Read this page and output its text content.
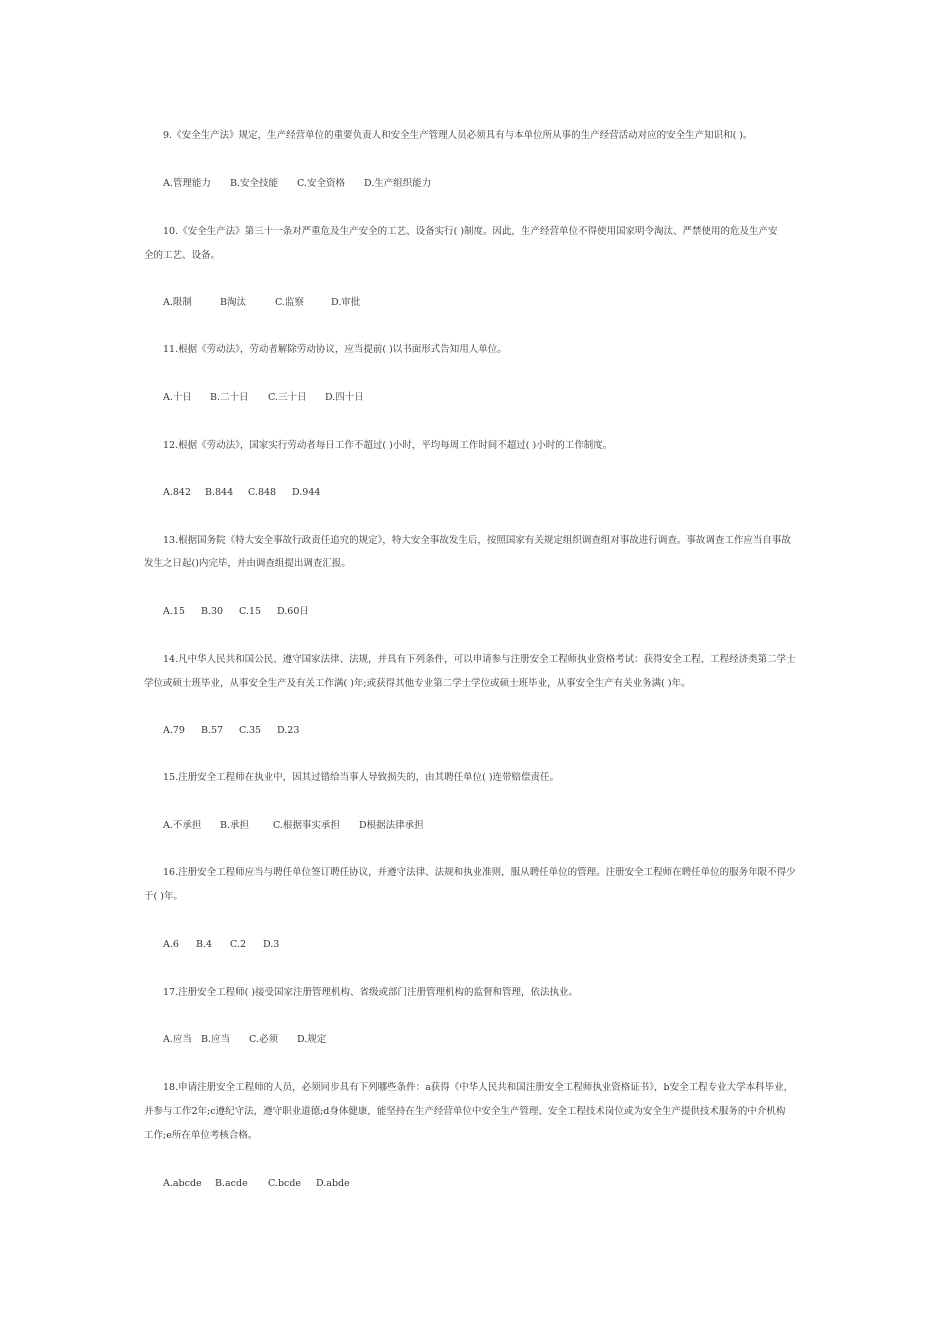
9.《安全生产法》规定，生产经营单位的重要负责人和安全生产管理人员必须具有与本单位所从事的生产经营活动对应的安全生产知识和( )。
A.管理能力 B.安全技能 C.安全资格 D.生产组织能力
10.《安全生产法》第三十一条对严重危及生产安全的工艺、设备实行( )制度。因此，生产经营单位不得使用国家明令淘汰、严禁使用的危及生产安
全的工艺、设备。
A.限制	B淘汰	C.监察	D.审批
11.根据《劳动法》，劳动者解除劳动协议，应当提前( )以书面形式告知用人单位。
A.十日 B.二十日 C.三十日 D.四十日
12.根据《劳动法》，国家实行劳动者每日工作不超过( )小时，平均每周工作时间不超过( )小时的工作制度。
A.842 B.844 C.848 D.944
13.根据国务院《特大安全事故行政责任追究的规定》，特大安全事故发生后，按照国家有关规定组织调查组对事故进行调查。事故调查工作应当自事故
发生之日起()内完毕，并由调查组提出调查汇报。
A.15 B.30 C.15 D.60日
14.凡中华人民共和国公民、遵守国家法律、法规，并具有下列条件，可以申请参与注册安全工程师执业资格考试：获得安全工程、工程经济类第二学士
学位或硕士班毕业，从事安全生产及有关工作满( )年;或获得其他专业第二学士学位或硕士班毕业，从事安全生产有关业务满( )年。
A.79 B.57 C.35 D.23
15.注册安全工程师在执业中，因其过错给当事人导致损失的，由其聘任单位( )连带赔偿责任。
A.不承担 B.承担	C.根据事实承担 D根据法律承担
16.注册安全工程师应当与聘任单位签订聘任协议，并遵守法律、法规和执业准则，服从聘任单位的管理。注册安全工程师在聘任单位的服务年限不得少
于( )年。
A.6 B.4 C.2 D.3
17.注册安全工程师( )接受国家注册管理机构、省级或部门注册管理机构的监督和管理，依法执业。
A.应当 B.应当 C.必须 D.规定
18.申请注册安全工程师的人员，必须同步具有下列哪些条件：a获得《中华人民共和国注册安全工程师执业资格证书》，b安全工程专业大学本科毕业，
并参与工作2年;c遵纪守法，遵守职业道德;d身体健康，能坚持在生产经营单位中安全生产管理、安全工程技术岗位或为安全生产提供技术服务的中介机构
工作;e所在单位考核合格。
A.abcde B.acde C.bcde D.abde
